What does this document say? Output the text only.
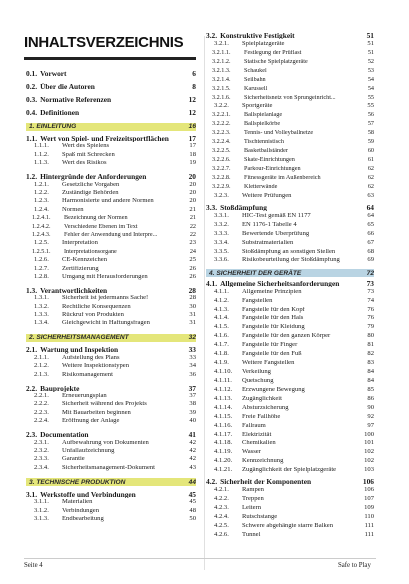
INHALTSVERZEICHNIS
0.1. Vorwort	6
0.2. Über die Autoren	8
0.3. Normative Referenzen	12
0.4. Definitionen	12
1. EINLEITUNG	16
1.1. Wert von Spiel- und Freizeitsportflächen	17
1.1.1.	Wert des Spielens	17
1.1.2.	Spaß mit Schrecken	18
1.1.3.	Wert des Risikos	19
1.2. Hintergründe der Anforderungen	20
1.2.1.	Gesetzliche Vorgaben	20
1.2.2.	Zuständige Behörden	20
1.2.3.	Harmonisierte und andere Normen	20
1.2.4.	Normen	21
1.2.4.1.	Bezeichnung der Normen	21
1.2.4.2.	Verschiedene Ebenen im Text	22
1.2.4.3.	Fehler der Anwendung und Interpre...	22
1.2.5.	Interpretation	23
1.2.5.1.	Interpretationsorgane	24
1.2.6.	CE-Kennzeichen	25
1.2.7.	Zertifizierung	26
1.2.8.	Umgang mit Herausforderungen	26
1.3. Verantwortlichkeiten	28
1.3.1.	Sicherheit ist jedermanns Sache!	28
1.3.2.	Rechtliche Konsequenzen	30
1.3.3.	Rückruf von Produkten	31
1.3.4.	Gleichgewicht in Haftungsfragen	31
2. SICHERHEITSMANAGEMENT	32
2.1. Wartung und Inspektion	33
2.1.1.	Aufstellung des Plans	33
2.1.2.	Weitere Inspektionstypen	34
2.1.3.	Risikomanagement	36
2.2. Bauprojekte	37
2.2.1.	Erneuerungsplan	37
2.2.2.	Sicherheit während des Projekts	38
2.2.3.	Mit Bauarbeiten beginnen	39
2.2.4.	Eröffnung der Anlage	40
2.3. Documentation	41
2.3.1.	Aufbewahrung von Dokumenten	42
2.3.2.	Unfallaufzeichnung	42
2.3.3.	Garantie	42
2.3.4.	Sicherheitsmanagement-Dokument	43
3. TECHNISCHE PRODUKTION	44
3.1. Werkstoffe und Verbindungen	45
3.1.1.	Materialien	45
3.1.2.	Verbindungen	48
3.1.3.	Endbearbeitung	50
3.2. Konstruktive Festigkeit	51
3.2.1.	Spielplatzgeräte	51
3.2.1.1.	Festlegung der Prüflast	51
3.2.1.2.	Statische Spielplatzgeräte	52
3.2.1.3.	Schaukel	53
3.2.1.4.	Seilbahn	54
3.2.1.5.	Karussell	54
3.2.1.6.	Sicherheitsnetz von Sprungeinricht...	55
3.2.2.	Sportgeräte	55
3.2.2.1.	Ballspielanlage	56
3.2.2.2.	Ballspielkörbe	57
3.2.2.3.	Tennis- und Volleyballnetze	58
3.2.2.4.	Tischtennistisch	59
3.2.2.5.	Basketballständer	60
3.2.2.6.	Skate-Einrichtungen	61
3.2.2.7.	Parkour-Einrichtungen	62
3.2.2.8.	Fitnessgeräte im Außenbereich	62
3.2.2.9.	Kletterwände	62
3.2.3.	Weitere Prüfungen	63
3.3. Stoßdämpfung	64
3.3.1.	HIC-Test gemäß EN 1177	64
3.3.2.	EN 1176-1 Tabelle 4	65
3.3.3.	Bewertende Überprüfung	66
3.3.4.	Substratmaterialien	67
3.3.5.	Stoßdämpfung an sonstigen Stellen	68
3.3.6.	Risikobeurteilung der Stoßdämpfung	69
4. SICHERHEIT DER GERÄTE	72
4.1. Allgemeine Sicherheitsanforderungen	73
4.1.1.	Allgemeine Prinzipien	73
4.1.2.	Fangstellen	74
4.1.3.	Fangstelle für den Kopf	76
4.1.4.	Fangstelle für den Hals	76
4.1.5.	Fangstelle für Kleidung	79
4.1.6.	Fangstelle für den ganzen Körper	80
4.1.7.	Fangstelle für Finger	81
4.1.8.	Fangstelle für den Fuß	82
4.1.9.	Weitere Fangstellen	83
4.1.10.	Verkeilung	84
4.1.11.	Quetschung	84
4.1.12.	Erzwungene Bewegung	85
4.1.13.	Zugänglichkeit	86
4.1.14.	Absturzsicherung	90
4.1.15.	Freie Fallhöhe	92
4.1.16.	Fallraum	97
4.1.17.	Elektrizität	100
4.1.18.	Chemikalien	101
4.1.19.	Wasser	102
4.1.20.	Kennzeichnung	102
4.1.21.	Zugänglichkeit der Spielplatzgeräte	103
4.2. Sicherheit der Komponenten	106
4.2.1.	Rampen	106
4.2.2.	Treppen	107
4.2.3.	Leitern	109
4.2.4.	Rutschstange	110
4.2.5.	Schwere abgehängte starre Balken	111
4.2.6.	Tunnel	111
Seite 4	Safe to Play
